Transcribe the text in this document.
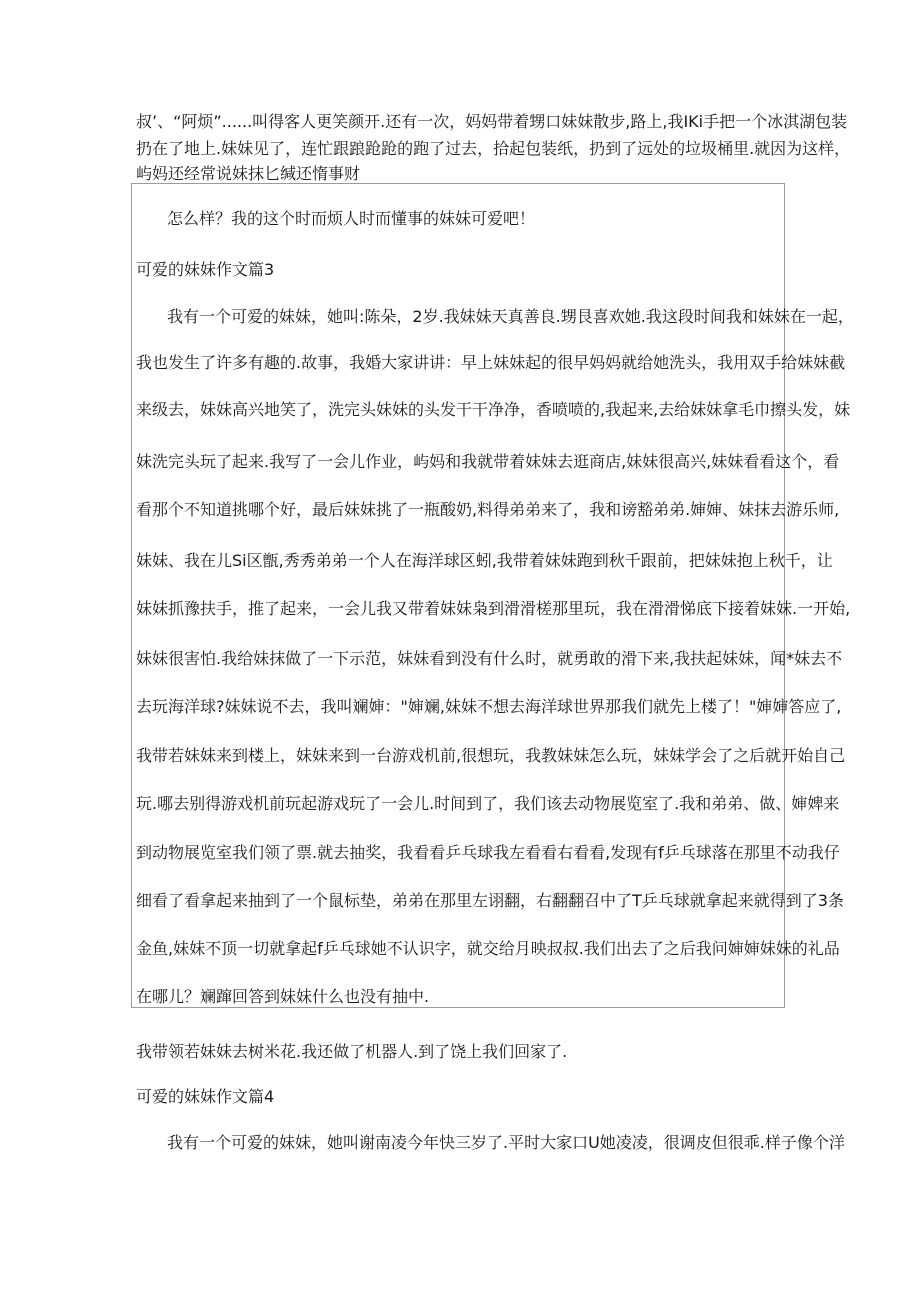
叔’、“阿烦”......叫得客人更笑颜开.还有一次，妈妈带着甥口妹妹散步,路上,我IKi手把一个冰淇湖包装
扔在了地上.妹妹见了，连忙跟踉跄跄的跑了过去，拾起包装纸，扔到了远处的垃圾桶里.就因为这样，
屿妈还经常说妹抹匕缄还惰事财
怎么样？我的这个时而烦人时而懂事的妹妹可爱吧！
可爱的妹妹作文篇3
我有一个可爱的妹妹，她叫:陈朵，2岁.我妹妹天真善良.甥艮喜欢她.我这段时间我和妹妹在一起，
我也发生了许多有趣的.故事，我婚大家讲讲：早上妹妹起的很早妈妈就给她洗头，我用双手给妹妹截
来级去，妹妹高兴地笑了，洗完头妹妹的头发干干净净，香喷喷的,我起来,去给妹妹拿毛巾擦头发，妹
妹洗完头玩了起来.我写了一会儿作业，屿妈和我就带着妹妹去逛商店,妹妹很高兴,妹妹看看这个，看
看那个不知道挑哪个好，最后妹妹挑了一瓶酸奶,料得弟弟来了，我和谤豁弟弟.婶婶、妹抹去游乐师,
妹妹、我在儿Si区甑,秀秀弟弟一个人在海洋球区蚓,我带着妹妹跑到秋千跟前，把妹妹抱上秋千，让
妹妹抓豫扶手，推了起来，一会儿我又带着妹妹枭到滑滑槎那里玩，我在滑滑悌底下接着妹妹.一开始,
妹妹很害怕.我给妹抹做了一下示范，妹妹看到没有什么时，就勇敢的滑下来,我扶起妹妹，闻*妹去不
去玩海洋球?妹妹说不去，我叫斓婶："婶斓,妹妹不想去海洋球世界那我们就先上楼了！"婶婶答应了,
我带若妹妹来到楼上，妹妹来到一台游戏机前,很想玩，我教妹妹怎么玩，妹妹学会了之后就开始自己
玩.哪去别得游戏机前玩起游戏玩了一会儿.时间到了，我们该去动物展览室了.我和弟弟、做、婶婢来
到动物展览室我们领了票.就去抽奖，我看看乒乓球我左看看右看看,发现有f乒乓球落在那里不动我仔
细看了看拿起来抽到了一个鼠标垫，弟弟在那里左诩翻，右翻翻召中了T乒乓球就拿起来就得到了3条
金鱼,妹妹不顶一切就拿起f乒乓球她不认识字，就交给月映叔叔.我们出去了之后我问婶婶妹妹的礼品
在哪儿？斓蹿回答到妹妹什么也没有抽中.
我带领若妹妹去树米花.我还做了机器人.到了饶上我们回家了.
可爱的妹妹作文篇4
我有一个可爱的妹妹，她叫谢南凌今年快三岁了.平时大家口U她凌凌，很调皮但很乖.样子像个洋
